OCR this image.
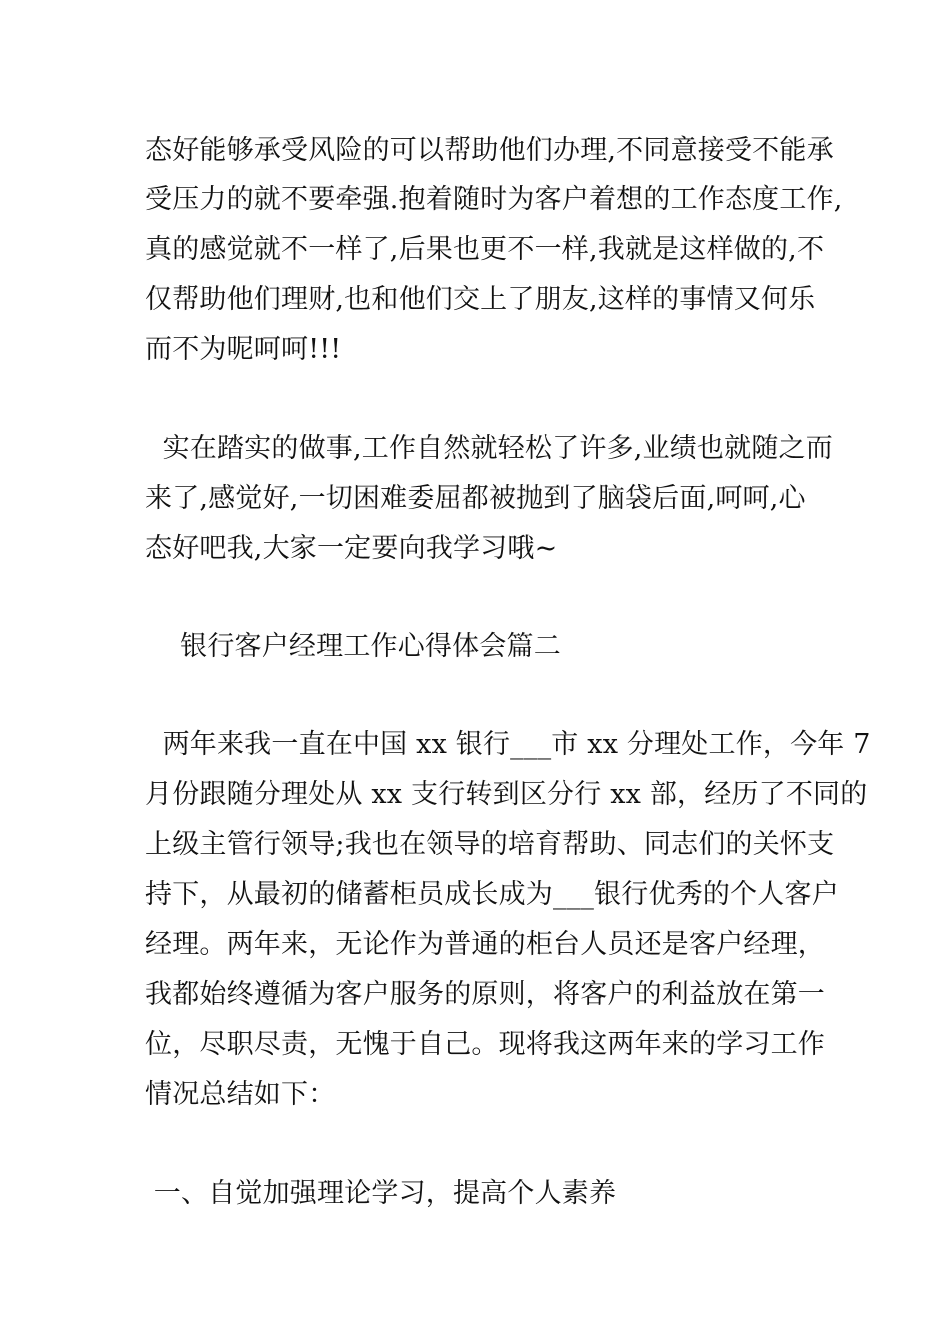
态好能够承受风险的可以帮助他们办理,不同意接受不能承
受压力的就不要牵强.抱着随时为客户着想的工作态度工作,
真的感觉就不一样了,后果也更不一样,我就是这样做的,不
仅帮助他们理财,也和他们交上了朋友,这样的事情又何乐
而不为呢呵呵!!!
实在踏实的做事,工作自然就轻松了许多,业绩也就随之而
来了,感觉好,一切困难委屈都被抛到了脑袋后面,呵呵,心
态好吧我,大家一定要向我学习哦~
银行客户经理工作心得体会篇二
两年来我一直在中国 xx 银行___市 xx 分理处工作，今年 7
月份跟随分理处从 xx 支行转到区分行 xx 部，经历了不同的
上级主管行领导;我也在领导的培育帮助、同志们的关怀支
持下，从最初的储蓄柜员成长成为___银行优秀的个人客户
经理。两年来，无论作为普通的柜台人员还是客户经理，
我都始终遵循为客户服务的原则，将客户的利益放在第一
位，尽职尽责，无愧于自己。现将我这两年来的学习工作
情况总结如下：
一、自觉加强理论学习，提高个人素养
